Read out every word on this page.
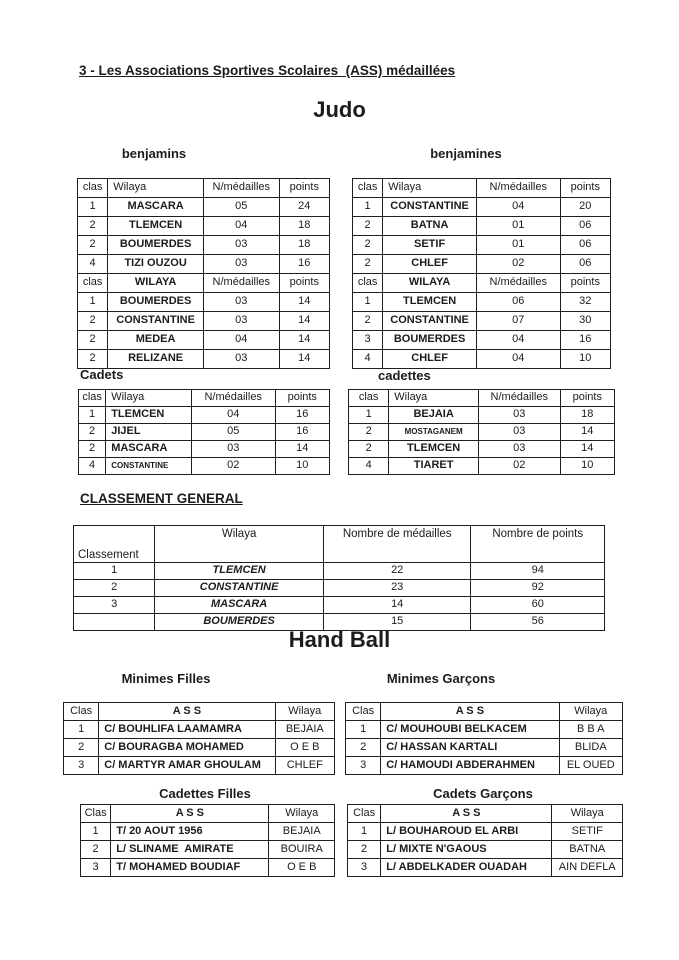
3 - Les Associations Sportives Scolaires  (ASS) médaillées
Judo
benjamins	benjamines
clas	Wilaya	N/médailles	points
1	MASCARA	05	24
2	TLEMCEN	04	18
2	BOUMERDES	03	18
4	TIZI OUZOU	03	16
clas	WILAYA	N/médailles	points
1	BOUMERDES	03	14
2	CONSTANTINE	03	14
2	MEDEA	04	14
2	RELIZANE	03	14
clas	Wilaya	N/médailles	points
1	CONSTANTINE	04	20
2	BATNA	01	06
2	SETIF	01	06
2	CHLEF	02	06
clas	WILAYA	N/médailles	points
1	TLEMCEN	06	32
2	CONSTANTINE	07	30
3	BOUMERDES	04	16
4	CHLEF	04	10
Cadets	cadettes
clas	Wilaya	N/médailles	points
1	TLEMCEN	04	16
2	JIJEL	05	16
2	MASCARA	03	14
4	CONSTANTINE	02	10
clas	Wilaya	N/médailles	points
1	BEJAIA	03	18
2	MOSTAGANEM	03	14
2	TLEMCEN	03	14
4	TIARET	02	10
CLASSEMENT GENERAL
Classement	Wilaya	Nombre de médailles	Nombre de points
1	TLEMCEN	22	94
2	CONSTANTINE	23	92
3	MASCARA	14	60
	BOUMERDES	15	56
Hand Ball
Minimes Filles	Minimes Garçons
Clas	A S S	Wilaya
1	C/ BOUHLIFA LAAMAMRA	BEJAIA
2	C/ BOURAGBA MOHAMED	O E B
3	C/ MARTYR AMAR GHOULAM	CHLEF
Clas	A S S	Wilaya
1	C/ MOUHOUBI BELKACEM	B B A
2	C/ HASSAN KARTALI	BLIDA
3	C/ HAMOUDI ABDERAHMEN	EL OUED
Cadettes Filles	Cadets Garçons
Clas	A S S	Wilaya
1	T/ 20 AOUT 1956	BEJAIA
2	L/ SLINAME  AMIRATE	BOUIRA
3	T/ MOHAMED BOUDIAF	O E B
Clas	A S S	Wilaya
1	L/ BOUHAROUD EL ARBI	SETIF
2	L/ MIXTE N'GAOUS	BATNA
3	L/ ABDELKADER OUADAH	AIN DEFLA
